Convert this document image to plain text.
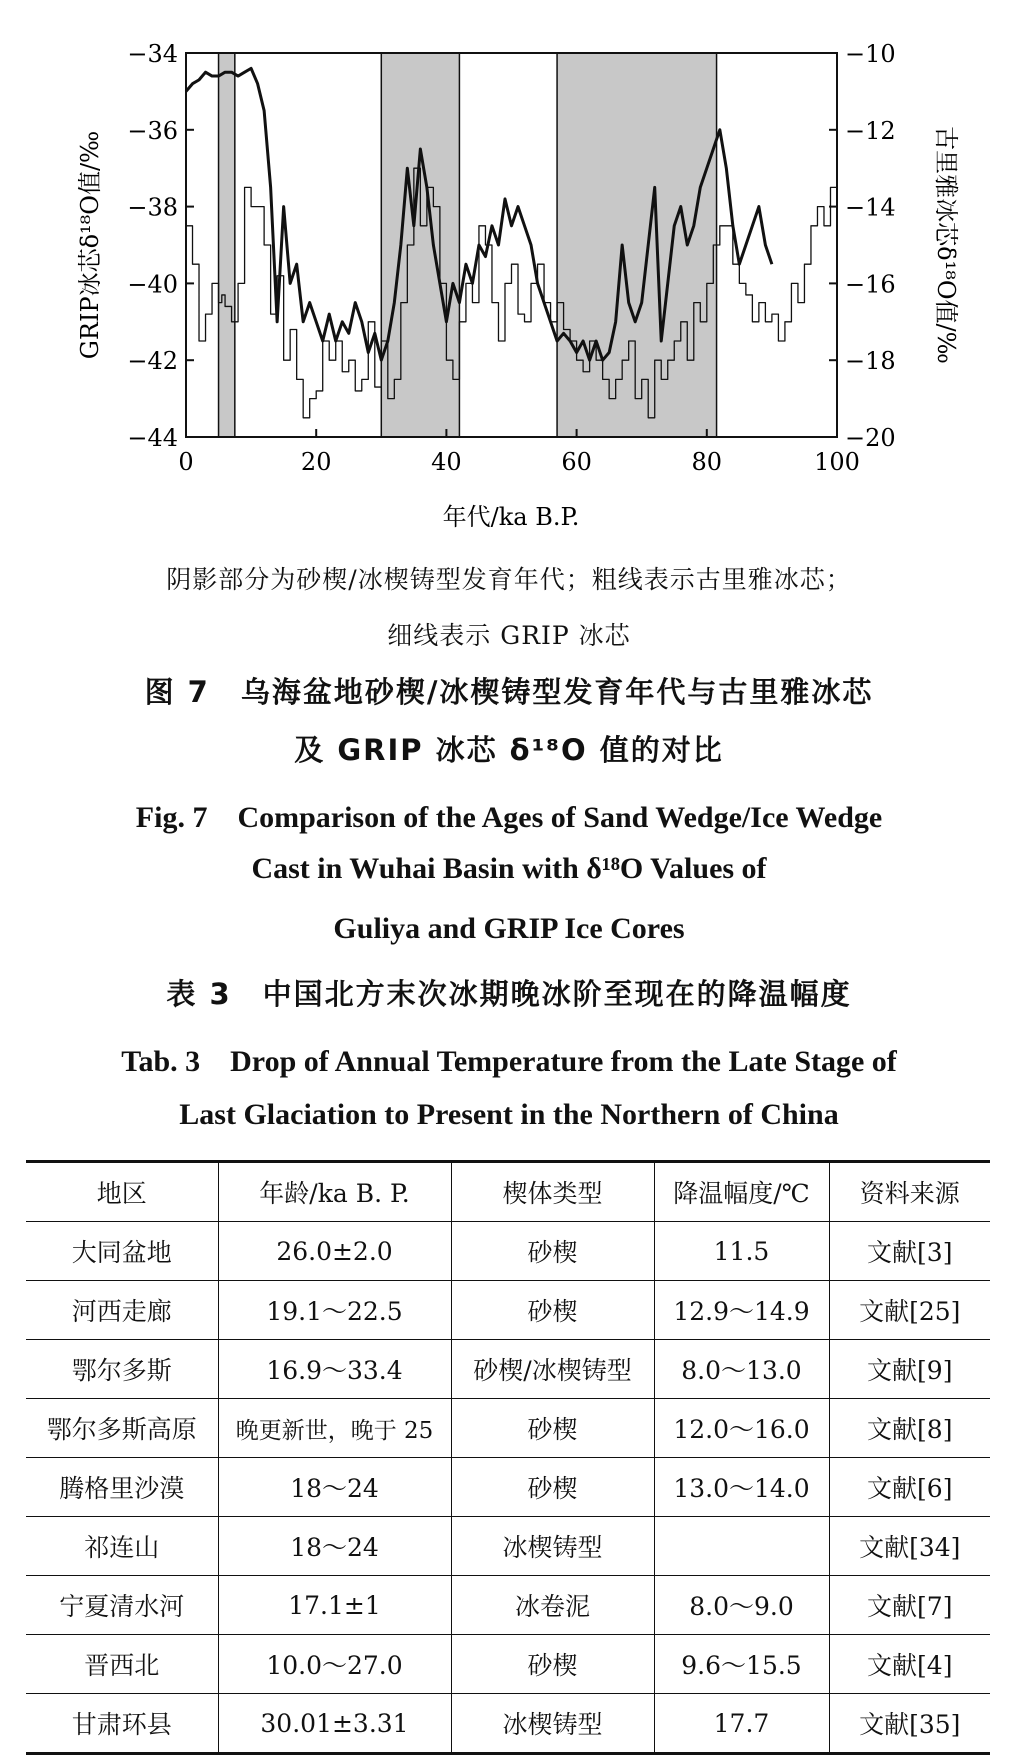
−34
−36
−38
−40
−42
−44
−10
−12
−14
−16
−18
−20
0	20	40	60	80	100
年代/ka B.P.
GRIP冰芯δ¹⁸O值/‰	古里雅冰芯δ¹⁸O值/‰
阴影部分为砂楔/冰楔铸型发育年代；粗线表示古里雅冰芯；
细线表示 GRIP 冰芯
图 7　乌海盆地砂楔/冰楔铸型发育年代与古里雅冰芯
及 GRIP 冰芯 δ¹⁸O 值的对比
Fig. 7　Comparison of the Ages of Sand Wedge/Ice Wedge
Cast in Wuhai Basin with δ¹⁸O Values of
Guliya and GRIP Ice Cores
表 3　中国北方末次冰期晚冰阶至现在的降温幅度
Tab. 3　Drop of Annual Temperature from the Late Stage of
Last Glaciation to Present in the Northern of China
地区	年龄/ka B. P.	楔体类型	降温幅度/℃	资料来源
大同盆地	26.0±2.0	砂楔	11.5	文献[3]
河西走廊	19.1～22.5	砂楔	12.9～14.9	文献[25]
鄂尔多斯	16.9～33.4	砂楔/冰楔铸型	8.0～13.0	文献[9]
鄂尔多斯高原	晚更新世，晚于 25	砂楔	12.0～16.0	文献[8]
腾格里沙漠	18～24	砂楔	13.0～14.0	文献[6]
祁连山	18～24	冰楔铸型		文献[34]
宁夏清水河	17.1±1	冰卷泥	8.0～9.0	文献[7]
晋西北	10.0～27.0	砂楔	9.6～15.5	文献[4]
甘肃环县	30.01±3.31	冰楔铸型	17.7	文献[35]
